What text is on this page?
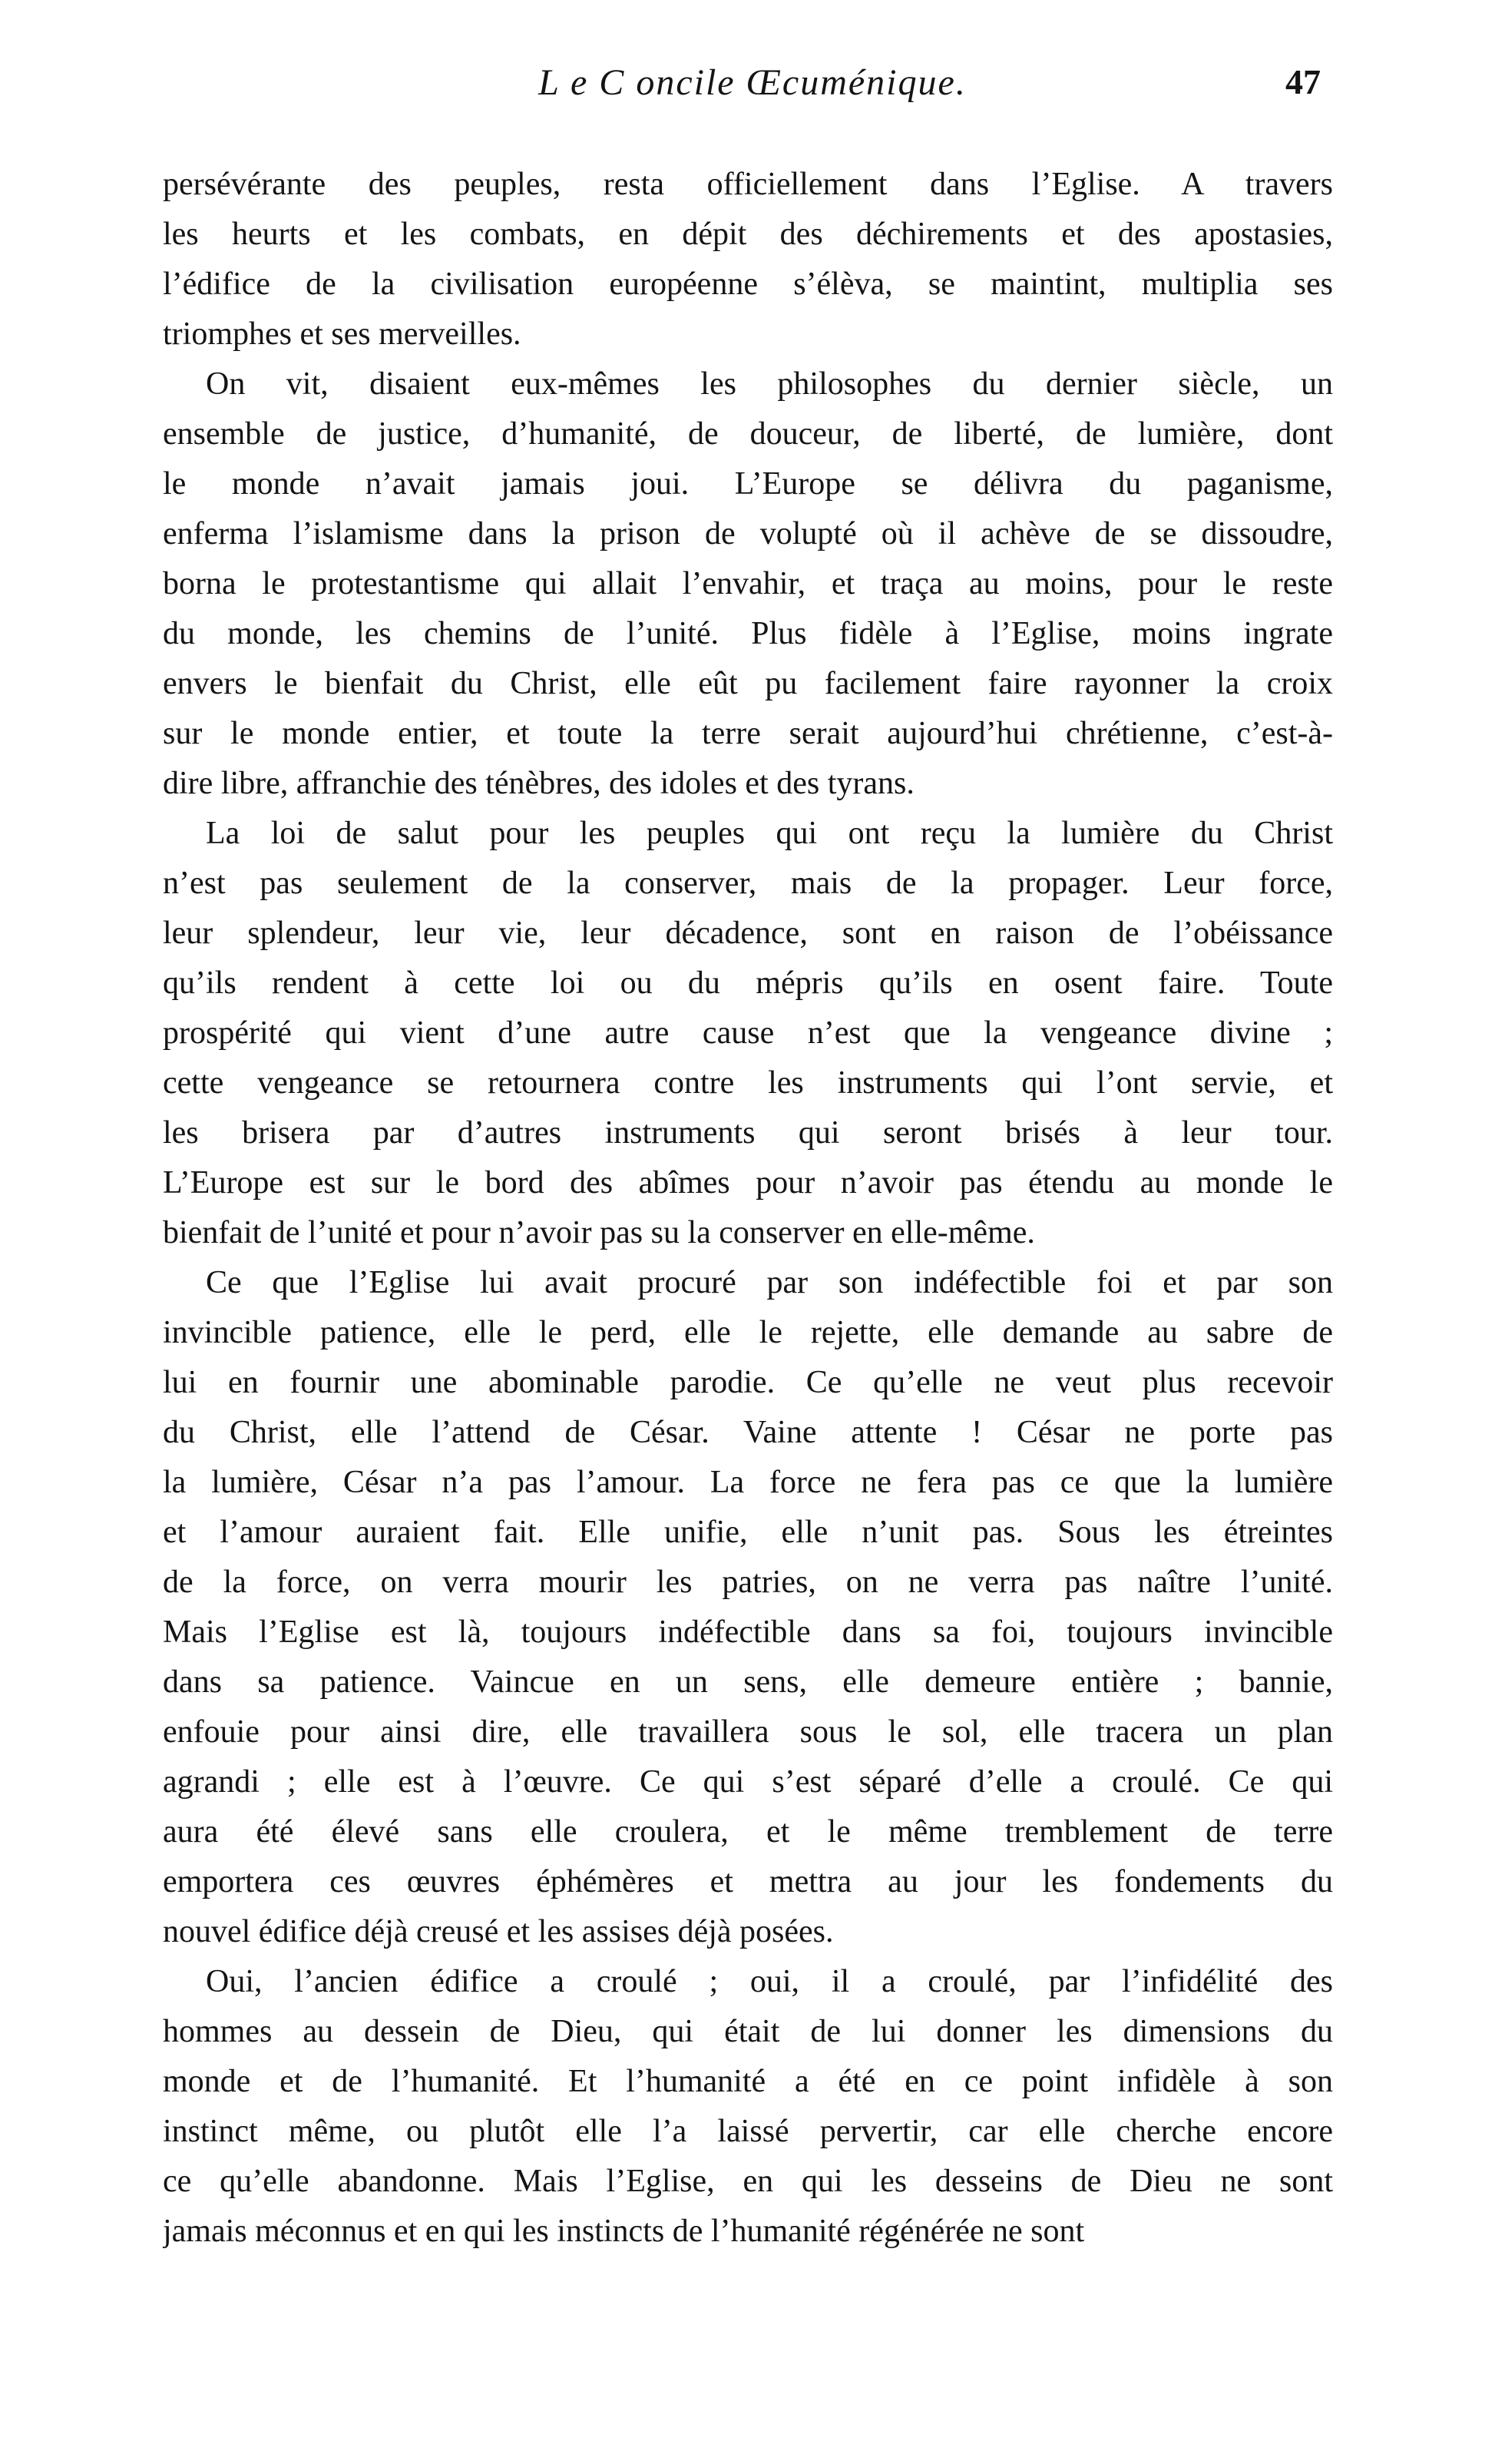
L e C oncile Œcuménique.	47
persévérante des peuples, resta officiellement dans l’Eglise. A travers
les heurts et les combats, en dépit des déchirements et des apostasies,
l’édifice de la civilisation européenne s’élèva, se maintint, multiplia ses
triomphes et ses merveilles.
On vit, disaient eux-mêmes les philosophes du dernier siècle, un
ensemble de justice, d’humanité, de douceur, de liberté, de lumière, dont
le monde n’avait jamais joui. L’Europe se délivra du paganisme,
enferma l’islamisme dans la prison de volupté où il achève de se dissoudre,
borna le protestantisme qui allait l’envahir, et traça au moins, pour le reste
du monde, les chemins de l’unité. Plus fidèle à l’Eglise, moins ingrate
envers le bienfait du Christ, elle eût pu facilement faire rayonner la croix
sur le monde entier, et toute la terre serait aujourd’hui chrétienne, c’est-à-
dire libre, affranchie des ténèbres, des idoles et des tyrans.
La loi de salut pour les peuples qui ont reçu la lumière du Christ
n’est pas seulement de la conserver, mais de la propager. Leur force,
leur splendeur, leur vie, leur décadence, sont en raison de l’obéissance
qu’ils rendent à cette loi ou du mépris qu’ils en osent faire. Toute
prospérité qui vient d’une autre cause n’est que la vengeance divine ;
cette vengeance se retournera contre les instruments qui l’ont servie, et
les brisera par d’autres instruments qui seront brisés à leur tour.
L’Europe est sur le bord des abîmes pour n’avoir pas étendu au monde le
bienfait de l’unité et pour n’avoir pas su la conserver en elle-même.
Ce que l’Eglise lui avait procuré par son indéfectible foi et par son
invincible patience, elle le perd, elle le rejette, elle demande au sabre de
lui en fournir une abominable parodie. Ce qu’elle ne veut plus recevoir
du Christ, elle l’attend de César. Vaine attente ! César ne porte pas
la lumière, César n’a pas l’amour. La force ne fera pas ce que la lumière
et l’amour auraient fait. Elle unifie, elle n’unit pas. Sous les étreintes
de la force, on verra mourir les patries, on ne verra pas naître l’unité.
Mais l’Eglise est là, toujours indéfectible dans sa foi, toujours invincible
dans sa patience. Vaincue en un sens, elle demeure entière ; bannie,
enfouie pour ainsi dire, elle travaillera sous le sol, elle tracera un plan
agrandi ; elle est à l’œuvre. Ce qui s’est séparé d’elle a croulé. Ce qui
aura été élevé sans elle croulera, et le même tremblement de terre
emportera ces œuvres éphémères et mettra au jour les fondements du
nouvel édifice déjà creusé et les assises déjà posées.
Oui, l’ancien édifice a croulé ; oui, il a croulé, par l’infidélité des
hommes au dessein de Dieu, qui était de lui donner les dimensions du
monde et de l’humanité. Et l’humanité a été en ce point infidèle à son
instinct même, ou plutôt elle l’a laissé pervertir, car elle cherche encore
ce qu’elle abandonne. Mais l’Eglise, en qui les desseins de Dieu ne sont
jamais méconnus et en qui les instincts de l’humanité régénérée ne sont
